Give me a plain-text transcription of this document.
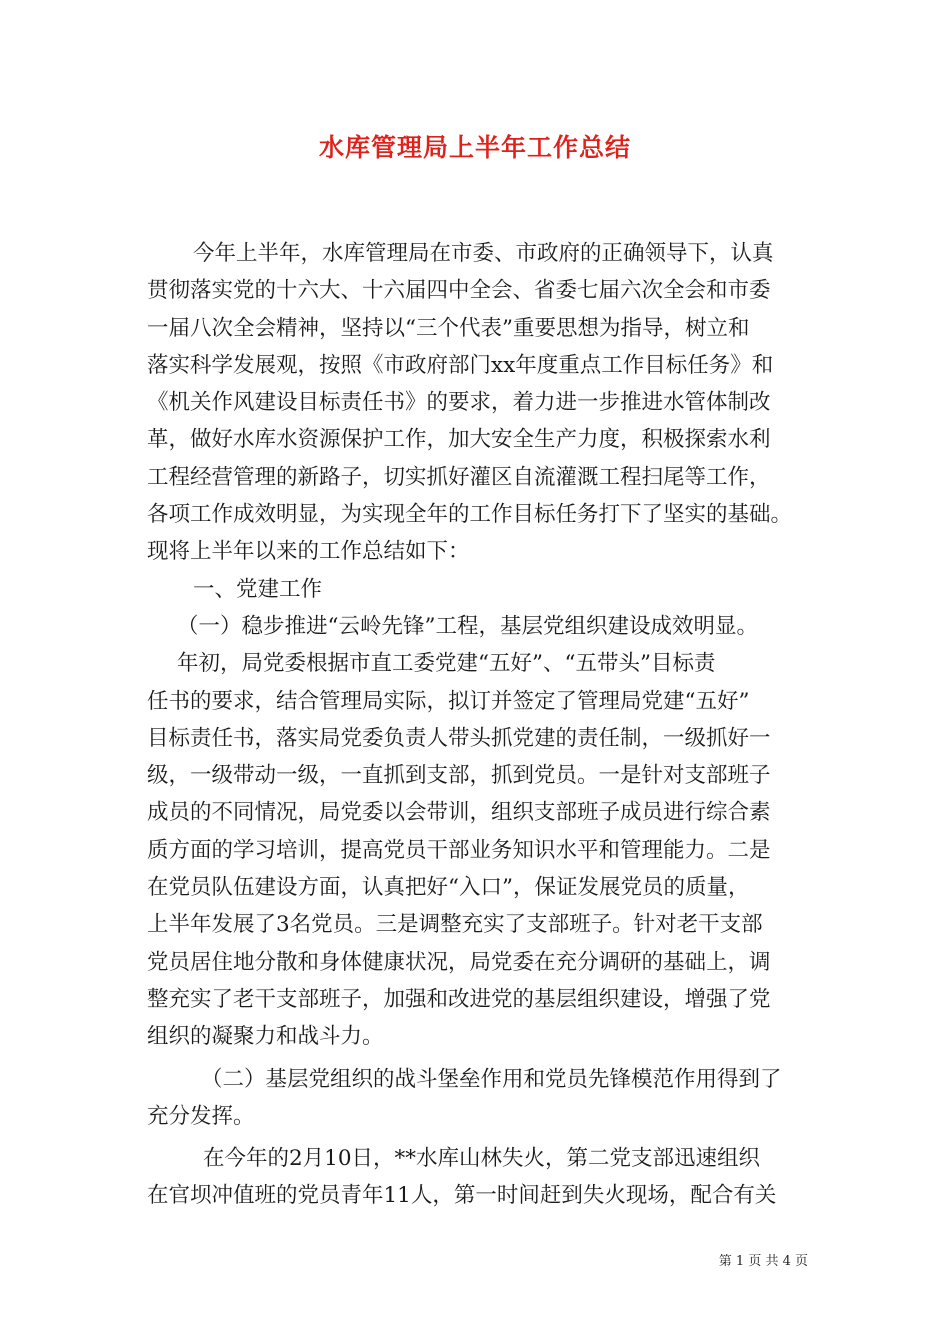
水库管理局上半年工作总结
今年上半年，水库管理局在市委、市政府的正确领导下，认真
贯彻落实党的十六大、十六届四中全会、省委七届六次全会和市委
一届八次全会精神，坚持以“三个代表”重要思想为指导，树立和
落实科学发展观，按照《市政府部门xx年度重点工作目标任务》和
《机关作风建设目标责任书》的要求，着力进一步推进水管体制改
革，做好水库水资源保护工作，加大安全生产力度，积极探索水利
工程经营管理的新路子，切实抓好灌区自流灌溉工程扫尾等工作，
各项工作成效明显，为实现全年的工作目标任务打下了坚实的基础。
现将上半年以来的工作总结如下：
一、党建工作
（一）稳步推进“云岭先锋”工程，基层党组织建设成效明显。
年初，局党委根据市直工委党建“五好”、“五带头”目标责
任书的要求，结合管理局实际，拟订并签定了管理局党建“五好”
目标责任书，落实局党委负责人带头抓党建的责任制，一级抓好一
级，一级带动一级，一直抓到支部，抓到党员。一是针对支部班子
成员的不同情况，局党委以会带训，组织支部班子成员进行综合素
质方面的学习培训，提高党员干部业务知识水平和管理能力。二是
在党员队伍建设方面，认真把好“入口”，保证发展党员的质量，
上半年发展了3名党员。三是调整充实了支部班子。针对老干支部
党员居住地分散和身体健康状况，局党委在充分调研的基础上，调
整充实了老干支部班子，加强和改进党的基层组织建设，增强了党
组织的凝聚力和战斗力。
（二）基层党组织的战斗堡垒作用和党员先锋模范作用得到了
充分发挥。
在今年的2月10日，**水库山林失火，第二党支部迅速组织
在官坝冲值班的党员青年11人，第一时间赶到失火现场，配合有关
第 1 页 共 4 页
